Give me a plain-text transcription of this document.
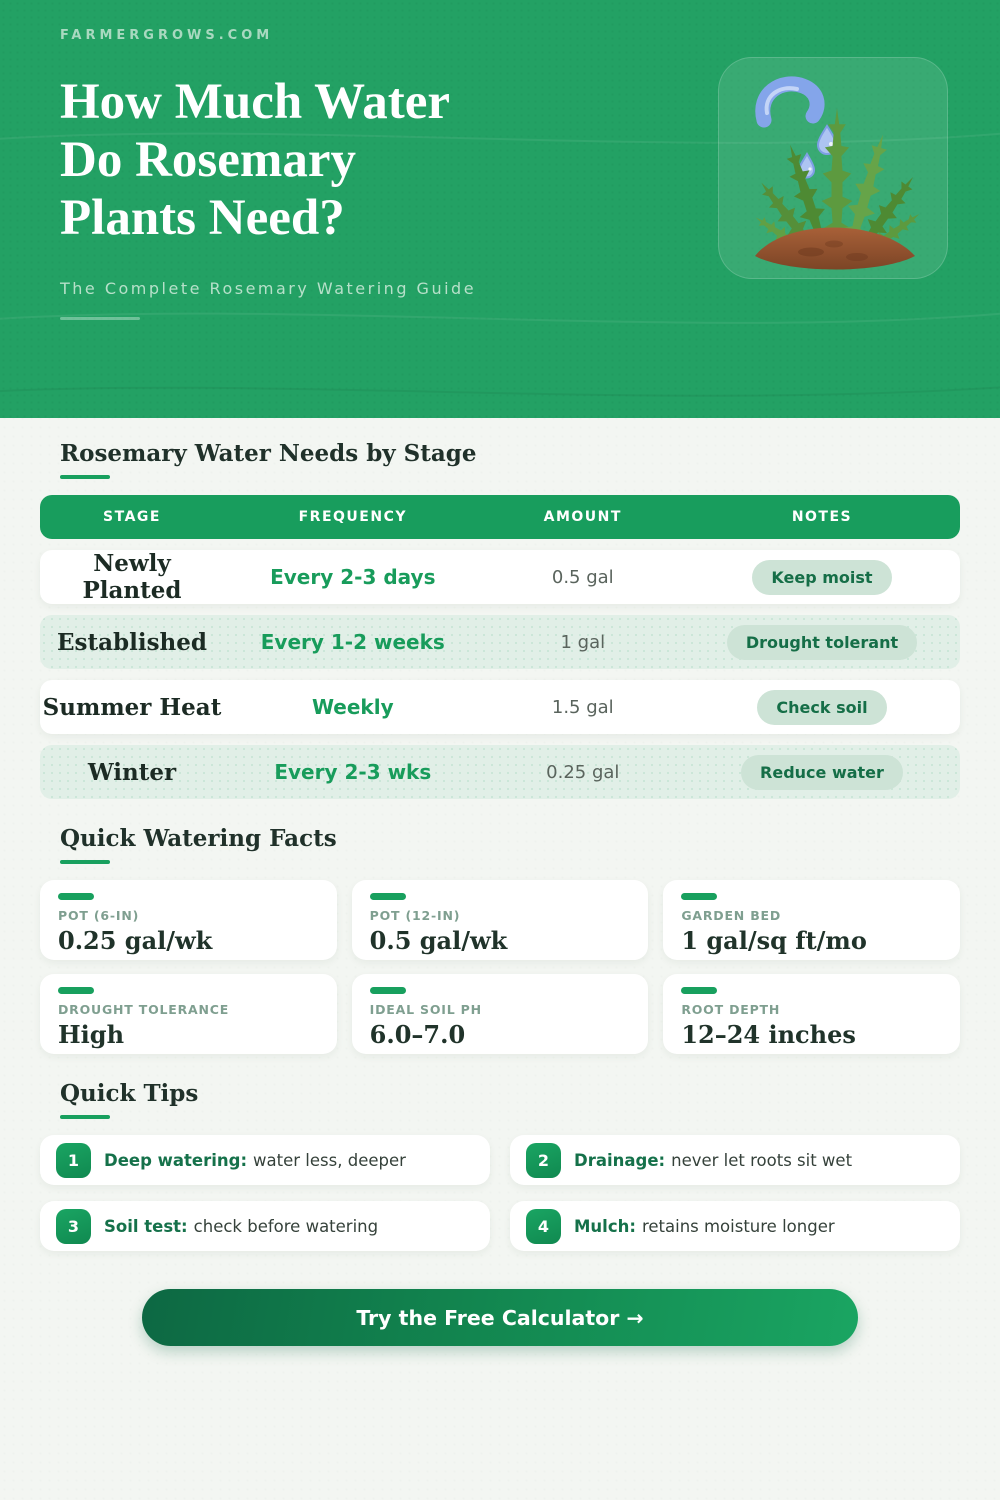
FARMERGROWS.COM
How Much Water
Do Rosemary
Plants Need?
The Complete Rosemary Watering Guide
Rosemary Water Needs by Stage
STAGE	FREQUENCY	AMOUNT	NOTES
Newly Planted	Every 2-3 days	0.5 gal	Keep moist
Established	Every 1-2 weeks	1 gal	Drought tolerant
Summer Heat	Weekly	1.5 gal	Check soil
Winter	Every 2-3 wks	0.25 gal	Reduce water
Quick Watering Facts
POT (6-IN)
0.25 gal/wk
POT (12-IN)
0.5 gal/wk
GARDEN BED
1 gal/sq ft/mo
DROUGHT TOLERANCE
High
IDEAL SOIL PH
6.0–7.0
ROOT DEPTH
12–24 inches
Quick Tips
1	Deep watering: water less, deeper	2	Drainage: never let roots sit wet
3	Soil test: check before watering	4	Mulch: retains moisture longer
Try the Free Calculator →
